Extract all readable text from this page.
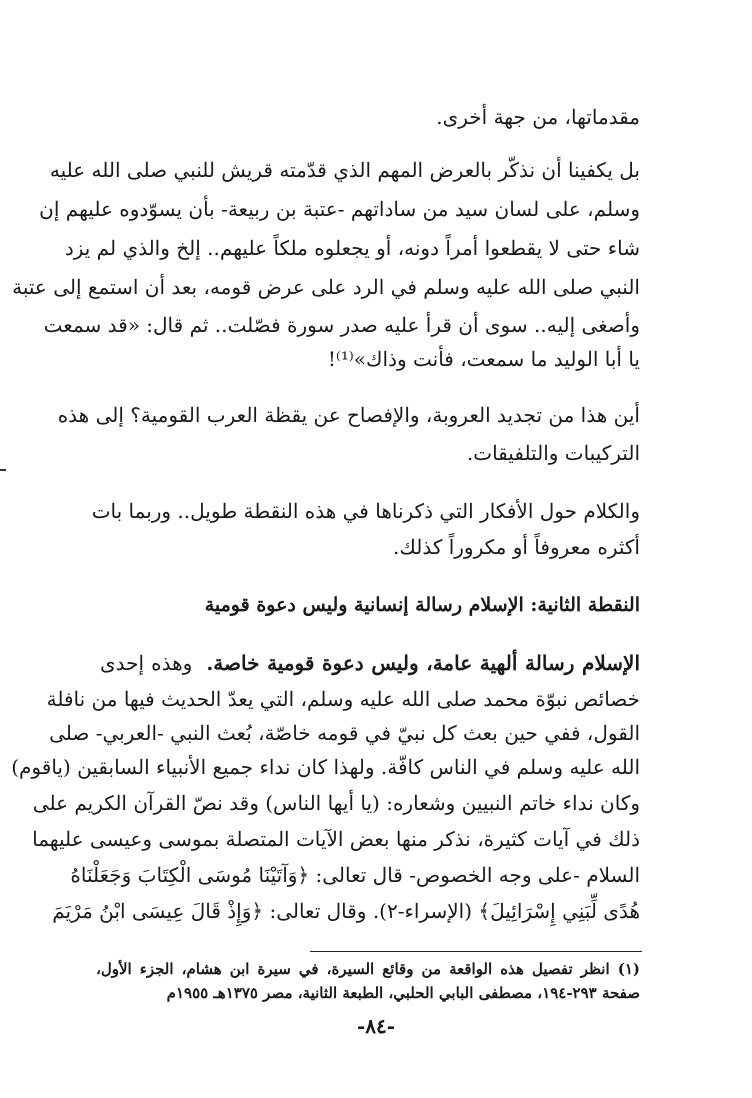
مقدماتها، من جهة أخرى.
بل يكفينا أن نذكّر بالعرض المهم الذي قدّمته قريش للنبي صلى الله عليه
وسلم، على لسان سيد من ساداتهم -عتبة بن ربيعة- بأن يسوّدوه عليهم إن
شاء حتى لا يقطعوا أمراً دونه، أو يجعلوه ملكاً عليهم.. إلخ والذي لم يزد
النبي صلى الله عليه وسلم في الرد على عرض قومه، بعد أن استمع إلى عتبة
وأصغى إليه.. سوى أن قرأ عليه صدر سورة فصّلت.. ثم قال: «قد سمعت
يا أبا الوليد ما سمعت، فأنت وذاك»⁽¹⁾!
أين هذا من تجديد العروبة، والإفصاح عن يقظة العرب القومية؟ إلى هذه
التركيبات والتلفيقات.
والكلام حول الأفكار التي ذكرناها في هذه النقطة طويل.. وربما بات
أكثره معروفاً أو مكروراً كذلك.
النقطة الثانية: الإسلام رسالة إنسانية وليس دعوة قومية
الإسلام رسالة ألهية عامة، وليس دعوة قومية خاصة.  وهذه إحدى
خصائص نبوّة محمد صلى الله عليه وسلم، التي يعدّ الحديث فيها من نافلة
القول، ففي حين بعث كل نبيّ في قومه خاصّة، بُعث النبي -العربي- صلى
الله عليه وسلم في الناس كافّة. ولهذا كان نداء جميع الأنبياء السابقين (ياقوم)
وكان نداء خاتم النبيين وشعاره: (يا أيها الناس) وقد نصّ القرآن الكريم على
ذلك في آيات كثيرة، نذكر منها بعض الآيات المتصلة بموسى وعيسى عليهما
السلام -على وجه الخصوص- قال تعالى: ﴿وَآتَيْنَا مُوسَى الْكِتَابَ وَجَعَلْنَاهُ
هُدًى لِّبَنِي إِسْرَائِيلَ﴾ (الإسراء-٢). وقال تعالى: ﴿وَإِذْ قَالَ عِيسَى ابْنُ مَرْيَمَ
(١) انظر تفصيل هذه الواقعة من وقائع السيرة، في سيرة ابن هشام، الجزء الأول،
صفحة ٢٩٣-١٩٤، مصطفى البابي الحلبي، الطبعة الثانية، مصر ١٣٧٥هـ ١٩٥٥م
-٨٤-
